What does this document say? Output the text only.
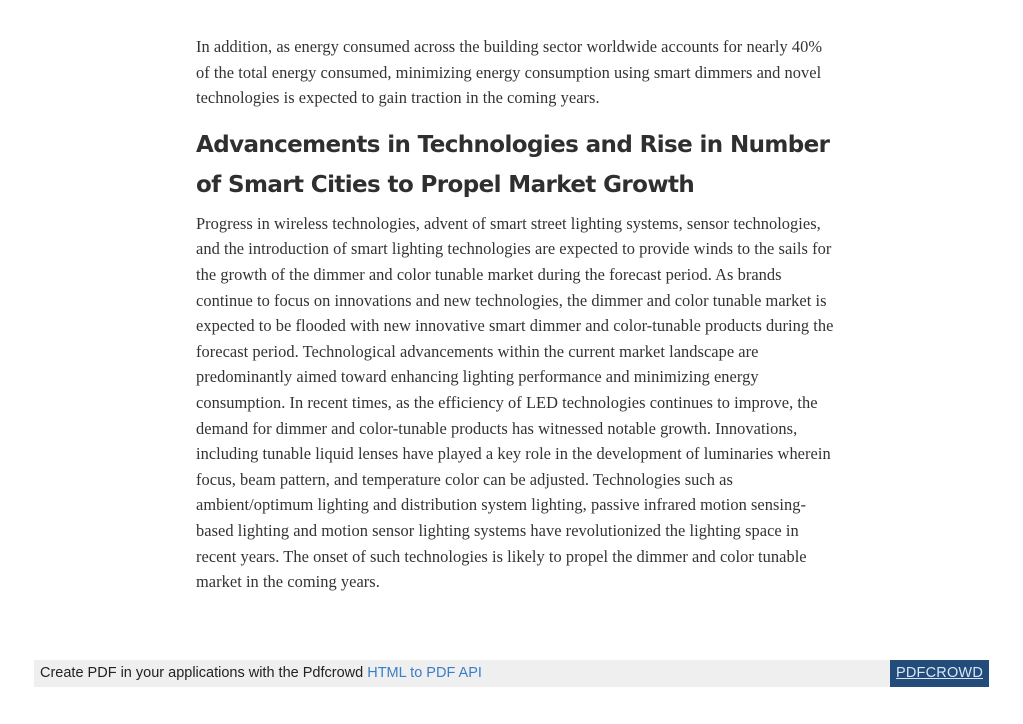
In addition, as energy consumed across the building sector worldwide accounts for nearly 40% of the total energy consumed, minimizing energy consumption using smart dimmers and novel technologies is expected to gain traction in the coming years.

Advancements in Technologies and Rise in Number of Smart Cities to Propel Market Growth

Progress in wireless technologies, advent of smart street lighting systems, sensor technologies, and the introduction of smart lighting technologies are expected to provide winds to the sails for the growth of the dimmer and color tunable market during the forecast period. As brands continue to focus on innovations and new technologies, the dimmer and color tunable market is expected to be flooded with new innovative smart dimmer and color-tunable products during the forecast period. Technological advancements within the current market landscape are predominantly aimed toward enhancing lighting performance and minimizing energy consumption. In recent times, as the efficiency of LED technologies continues to improve, the demand for dimmer and color-tunable products has witnessed notable growth. Innovations, including tunable liquid lenses have played a key role in the development of luminaries wherein focus, beam pattern, and temperature color can be adjusted. Technologies such as ambient/optimum lighting and distribution system lighting, passive infrared motion sensing-based lighting and motion sensor lighting systems have revolutionized the lighting space in recent years. The onset of such technologies is likely to propel the dimmer and color tunable market in the coming years.

Create PDF in your applications with the Pdfcrowd HTML to PDF API	PDFCROWD
